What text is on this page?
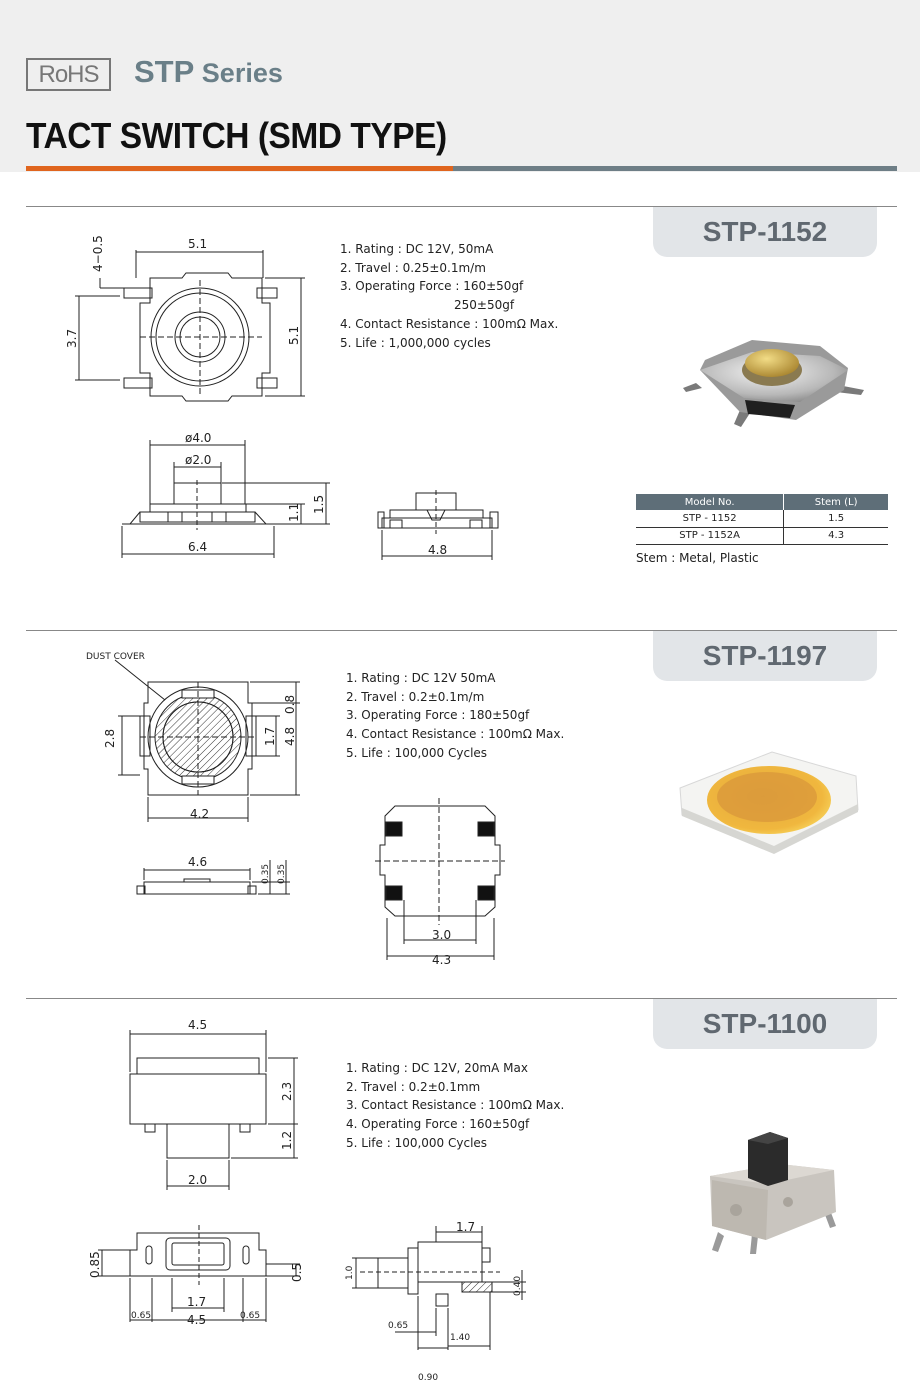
RoHS	STP Series
TACT SWITCH (SMD TYPE)
STP-1152
1. Rating : DC 12V, 50mA
2. Travel : 0.25±0.1m/m
3. Operating Force : 160±50gf
250±50gf
4. Contact Resistance : 100mΩ Max.
5. Life : 1,000,000 cycles
Model No.	Stem (L)
STP - 1152	1.5
STP - 1152A	4.3
Stem : Metal, Plastic
STP-1197
1. Rating : DC 12V 50mA
2. Travel : 0.2±0.1m/m
3. Operating Force : 180±50gf
4. Contact Resistance : 100mΩ Max.
5. Life : 100,000 Cycles
STP-1100
1. Rating : DC 12V, 20mA Max
2. Travel : 0.2±0.1mm
3. Contact Resistance : 100mΩ Max.
4. Operating Force : 160±50gf
5. Life : 100,000 Cycles
5.1
5.1
3.7
4−0.5
ø4.0
ø2.0
6.4
1.1 1.5
4.8
DUST COVER
2.8
4.2
0.8
1.7 4.8
4.6
0.35 0.35
3.0
4.3
4.5
2.3
1.2
2.0
0.85	0.5
1.7
0.65	4.5	0.65
1.7
1.0
0.40
0.65
1.40
0.90
